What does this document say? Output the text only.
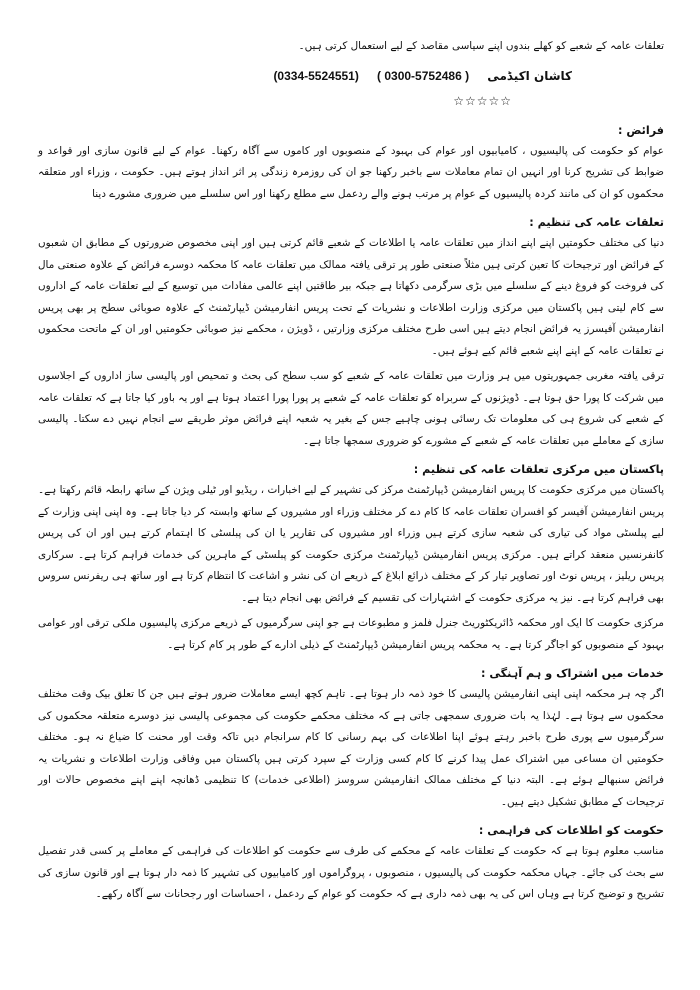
تعلقات عامہ کے شعبے کو کھلے بندوں اپنے سیاسی مقاصد کے لیے استعمال کرتی ہیں۔

کاشان اکیڈمی (0334-5524551) ( 0300-5752486 )
☆☆☆☆☆
فرائض :

عوام کو حکومت کی پالیسیوں ، کامیابیوں اور عوام کی بہبود کے منصوبوں اور کاموں سے آگاہ رکھنا۔ عوام کے لیے قانون سازی اور قواعد و ضوابط کی تشریح کرنا اور انہیں ان تمام معاملات سے باخبر رکھنا جو ان کی روزمرہ زندگی پر اثر انداز ہوتے ہیں۔ حکومت ، وزراء اور متعلقہ محکموں کو ان کی مانند کردہ پالیسیوں کے عوام پر مرتب ہونے والے ردعمل سے مطلع رکھنا اور اس سلسلے میں ضروری مشورے دینا

تعلقات عامہ کی تنظیم :

دنیا کی مختلف حکومتیں اپنے اپنے انداز میں تعلقات عامہ یا اطلاعات کے شعبے قائم کرتی ہیں اور اپنی مخصوص ضرورتوں کے مطابق ان شعبوں کے فرائض اور ترجیحات کا تعین کرتی ہیں مثلاً صنعتی طور پر ترقی یافتہ ممالک میں تعلقات عامہ کا محکمہ دوسرے فرائض کے علاوہ صنعتی مال کی فروخت کو فروغ دینے کے سلسلے میں بڑی سرگرمی دکھاتا ہے جبکہ بیر طاقتیں اپنے عالمی مفادات میں توسیع کے لیے تعلقات عامہ کے اداروں سے کام لیتی ہیں پاکستان میں مرکزی وزارت اطلاعات و نشریات کے تحت پریس انفارمیشن ڈیپارٹمنٹ کے علاوہ صوبائی سطح پر بھی پریس انفارمیشن آفیسرز یہ فرائض انجام دیتے ہیں اسی طرح مختلف مرکزی وزارتیں ، ڈویژن ، محکمے نیز صوبائی حکومتیں اور ان کے ماتحت محکموں نے تعلقات عامہ کے اپنے اپنے شعبے قائم کیے ہوئے ہیں۔

ترقی یافتہ مغربی جمہوریتوں میں ہر وزارت میں تعلقات عامہ کے شعبے کو سب سطح کی بحث و تمحیص اور پالیسی ساز اداروں کے اجلاسوں میں شرکت کا پورا حق ہوتا ہے۔ ڈویژنوں کے سربراہ کو تعلقات عامہ کے شعبے پر پورا پورا اعتماد ہوتا ہے اور یہ باور کیا جاتا ہے کہ تعلقات عامہ کے شعبے کی شروع ہی کی معلومات تک رسائی ہونی چاہیے جس کے بغیر یہ شعبہ اپنے فرائض موثر طریقے سے انجام نہیں دے سکتا۔ پالیسی سازی کے معاملے میں تعلقات عامہ کے شعبے کے مشورے کو ضروری سمجھا جاتا ہے۔

پاکستان میں مرکزی تعلقات عامہ کی تنظیم :

پاکستان میں مرکزی حکومت کا پریس انفارمیشن ڈیپارٹمنٹ مرکز کی تشہیر کے لیے اخبارات ، ریڈیو اور ٹیلی ویژن کے ساتھ رابطہ قائم رکھتا ہے۔ پریس انفارمیشن آفیسر کو افسران تعلقات عامہ کا کام دے کر مختلف وزراء اور مشیروں کے ساتھ وابستہ کر دیا جاتا ہے۔ وہ اپنی اپنی وزارت کے لیے پبلسٹی مواد کی تیاری کی شعبہ سازی کرتے ہیں وزراء اور مشیروں کی تقاریر یا ان کی پبلسٹی کا اہتمام کرتے ہیں اور ان کی پریس کانفرنسیں منعقد کراتے ہیں۔ مرکزی پریس انفارمیشن ڈیپارٹمنٹ مرکزی حکومت کو پبلسٹی کے ماہرین کی خدمات فراہم کرتا ہے۔ سرکاری پریس ریلیز ، پریس نوٹ اور تصاویر تیار کر کے مختلف ذرائع ابلاغ کے ذریعے ان کی نشر و اشاعت کا انتظام کرتا ہے اور ساتھ ہی ریفرنس سروس بھی فراہم کرتا ہے۔ نیز یہ مرکزی حکومت کے اشتہارات کی تقسیم کے فرائض بھی انجام دیتا ہے۔

مرکزی حکومت کا ایک اور محکمہ ڈائریکٹوریٹ جنرل فلمز و مطبوعات ہے جو اپنی سرگرمیوں کے ذریعے مرکزی پالیسیوں ملکی ترقی اور عوامی بہبود کے منصوبوں کو اجاگر کرتا ہے۔ یہ محکمہ پریس انفارمیشن ڈیپارٹمنٹ کے ذیلی ادارے کے طور پر کام کرتا ہے۔

خدمات میں اشتراک و ہم آہنگی :

اگر چہ ہر محکمہ اپنی اپنی انفارمیشن پالیسی کا خود ذمہ دار ہوتا ہے۔ تاہم کچھ ایسے معاملات ضرور ہوتے ہیں جن کا تعلق بیک وقت مختلف محکموں سے ہوتا ہے۔ لہٰذا یہ بات ضروری سمجھی جاتی ہے کہ مختلف محکمے حکومت کی مجموعی پالیسی نیز دوسرے متعلقہ محکموں کی سرگرمیوں سے پوری طرح باخبر رہتے ہوئے اپنا اطلاعات کی بہم رسانی کا کام سرانجام دیں تاکہ وقت اور محنت کا ضیاع نہ ہو۔ مختلف حکومتیں ان مساعی میں اشتراک عمل پیدا کرنے کا کام کسی وزارت کے سپرد کرتی ہیں پاکستان میں وفاقی وزارت اطلاعات و نشریات یہ فرائض سنبھالے ہوئے ہے۔ البتہ دنیا کے مختلف ممالک انفارمیشن سروسز (اطلاعی خدمات) کا تنظیمی ڈھانچہ اپنے اپنے مخصوص حالات اور ترجیحات کے مطابق تشکیل دیتے ہیں۔

حکومت کو اطلاعات کی فراہمی :

مناسب معلوم ہوتا ہے کہ حکومت کے تعلقات عامہ کے محکمے کی طرف سے حکومت کو اطلاعات کی فراہمی کے معاملے پر کسی قدر تفصیل سے بحث کی جائے۔ جہاں محکمہ حکومت کی پالیسیوں ، منصوبوں ، پروگراموں اور کامیابیوں کی تشہیر کا ذمہ دار ہوتا ہے اور قانون سازی کی تشریح و توضیح کرتا ہے وہاں اس کی یہ بھی ذمہ داری ہے کہ حکومت کو عوام کے ردعمل ، احساسات اور رجحانات سے آگاہ رکھے۔
